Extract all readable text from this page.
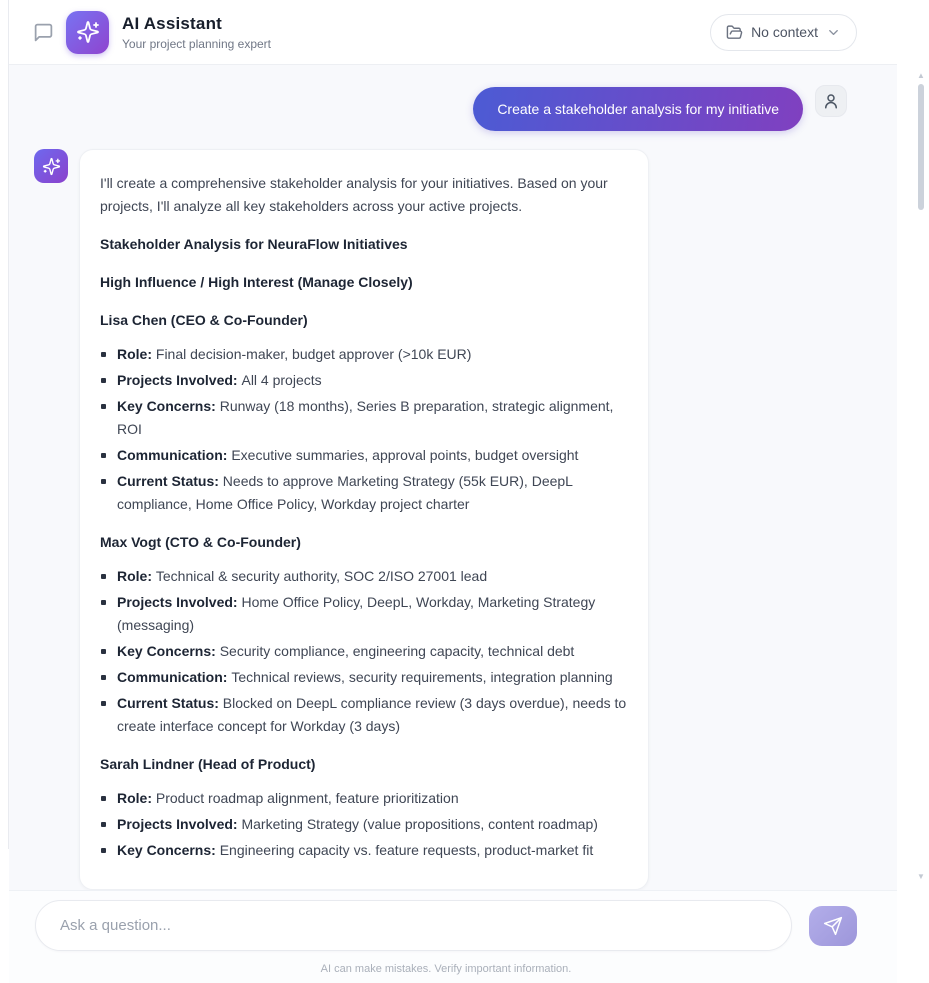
AI Assistant
Your project planning expert
No context
Create a stakeholder analysis for my initiative
I'll create a comprehensive stakeholder analysis for your initiatives. Based on your projects, I'll analyze all key stakeholders across your active projects.
Stakeholder Analysis for NeuraFlow Initiatives
High Influence / High Interest (Manage Closely)
Lisa Chen (CEO & Co-Founder)
Role: Final decision-maker, budget approver (>10k EUR)
Projects Involved: All 4 projects
Key Concerns: Runway (18 months), Series B preparation, strategic alignment, ROI
Communication: Executive summaries, approval points, budget oversight
Current Status: Needs to approve Marketing Strategy (55k EUR), DeepL compliance, Home Office Policy, Workday project charter
Max Vogt (CTO & Co-Founder)
Role: Technical & security authority, SOC 2/ISO 27001 lead
Projects Involved: Home Office Policy, DeepL, Workday, Marketing Strategy (messaging)
Key Concerns: Security compliance, engineering capacity, technical debt
Communication: Technical reviews, security requirements, integration planning
Current Status: Blocked on DeepL compliance review (3 days overdue), needs to create interface concept for Workday (3 days)
Sarah Lindner (Head of Product)
Role: Product roadmap alignment, feature prioritization
Projects Involved: Marketing Strategy (value propositions, content roadmap)
Key Concerns: Engineering capacity vs. feature requests, product-market fit
▲
▼
Ask a question...
AI can make mistakes. Verify important information.
